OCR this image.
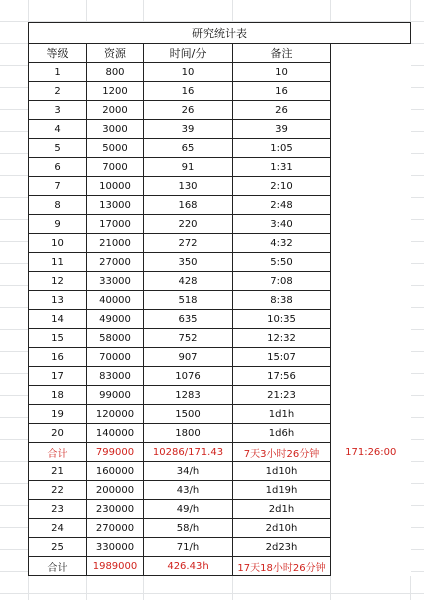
研究统计表				
等级	资源	时间/分	备注	
1	800	10	10	
2	1200	16	16	
3	2000	26	26	
4	3000	39	39	
5	5000	65	1:05	
6	7000	91	1:31	
7	10000	130	2:10	
8	13000	168	2:48	
9	17000	220	3:40	
10	21000	272	4:32	
11	27000	350	5:50	
12	33000	428	7:08	
13	40000	518	8:38	
14	49000	635	10:35	
15	58000	752	12:32	
16	70000	907	15:07	
17	83000	1076	17:56	
18	99000	1283	21:23	
19	120000	1500	1d1h	
20	140000	1800	1d6h	
合计	799000	10286/171.43	7天3小时26分钟	171:26:00
21	160000	34/h	1d10h	
22	200000	43/h	1d19h	
23	230000	49/h	2d1h	
24	270000	58/h	2d10h	
25	330000	71/h	2d23h	
合计	1989000	426.43h	17天18小时26分钟	
